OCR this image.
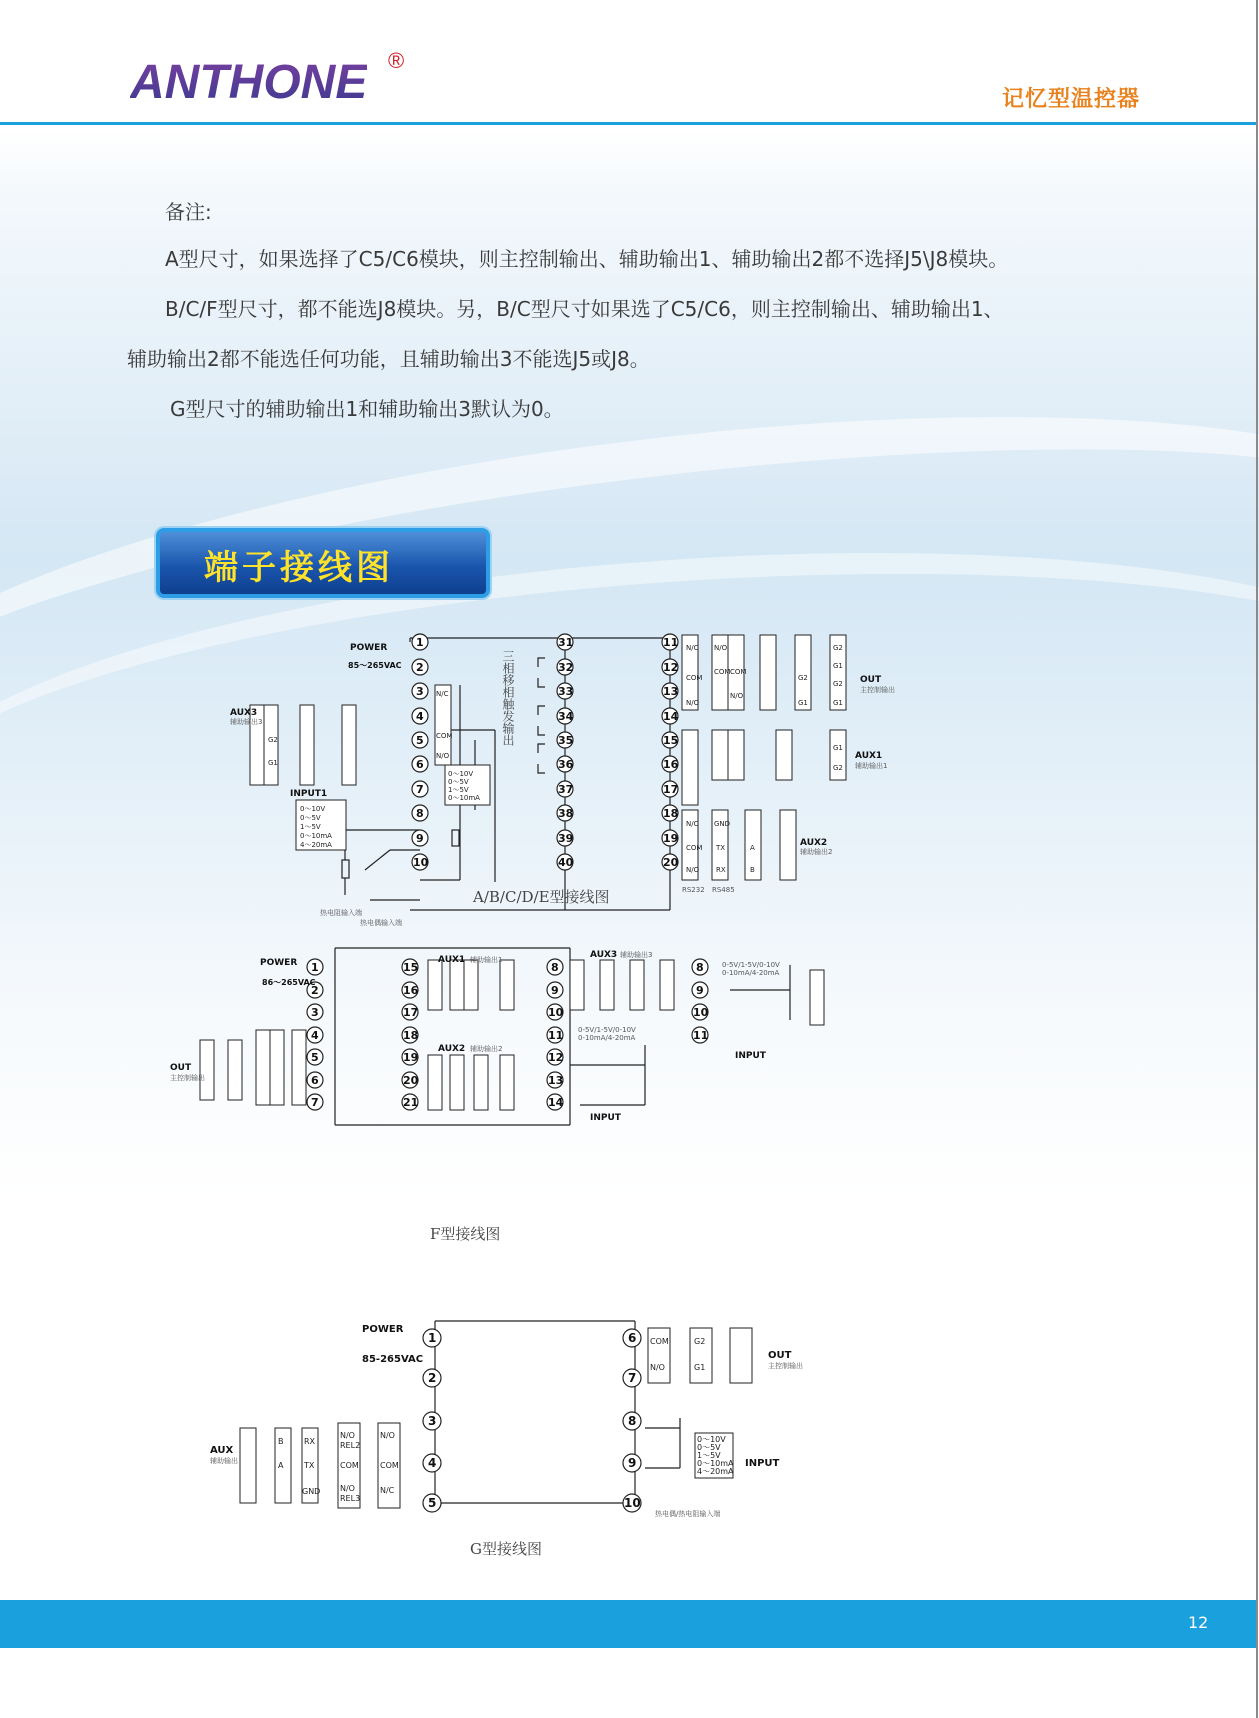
ANTHONE ®
记忆型温控器
备注:
A型尺寸，如果选择了C5/C6模块，则主控制输出、辅助输出1、辅助输出2都不选择J5\J8模块。
B/C/F型尺寸，都不能选J8模块。另，B/C型尺寸如果选了C5/C6，则主控制输出、辅助输出1、
辅助输出2都不能选任何功能，且辅助输出3不能选J5或J8。
G型尺寸的辅助输出1和辅助输出3默认为0。
端子接线图
1
2
3
4
5
6
7
8
9
10
31
32
33
34
35
36
37
38
39
40
11
12
13
14
15
16
17
18
19
20
N/C
COM
N/O
N/O
COM COM
N/O
G2
G1
G2
G1
G2
G1
G1
G2
N/C
COM
N/O
GND
TX
RX
A
B
N/C
COM
N/O
G2
G1
0～10V
0～5V
1～5V
0～10mA
4～20mA
0～10V
0～5V
1～5V
0～10mA
POWER
85～265VAC
AUX3
INPUT1
OUT
AUX1
AUX2
辅助输出3
主控制输出
辅助输出1
辅助输出2
RS232 RS485
热电阻输入端
热电偶输入端
三相移相触发输出
A/B/C/D/E型接线图
1
2
3
4
5
6
7
15
16
17
18
19
20
21
8
9
10
11
12
13
14
8
9
10
11
POWER
86～265VAC
OUT
AUX1
AUX2
AUX3
INPUT
INPUT
主控制输出
辅助输出1
辅助输出2
辅助输出3
0-5V/1-5V/0-10V
0-10mA/4-20mA
0-5V/1-5V/0-10V
0-10mA/4-20mA
F型接线图
1
2
3
4
5
6
7
8
9
10
B
A
RX
TX
GND
N/O
REL2
COM
N/O
REL3
N/O
COM
N/C
COM
N/O
G2
G1
0～10V
0～5V
1～5V
0～10mA
4～20mA
POWER
85-265VAC
AUX
OUT
INPUT
辅助输出
主控制输出
热电偶/热电阻输入端
G型接线图
12
